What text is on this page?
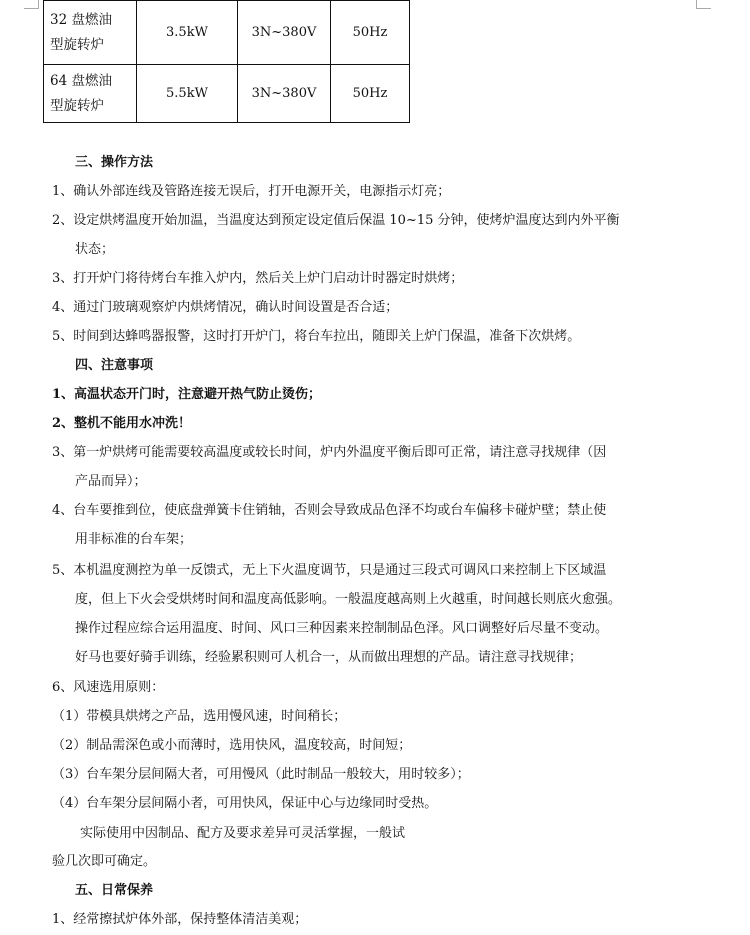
32 盘燃油
型旋转炉	3.5kW	3N~380V	50Hz
64 盘燃油
型旋转炉	5.5kW	3N~380V	50Hz
三、操作方法
1、确认外部连线及管路连接无误后，打开电源开关，电源指示灯亮；
2、设定烘烤温度开始加温，当温度达到预定设定值后保温 10~15 分钟，使烤炉温度达到内外平衡
状态；
3、打开炉门将待烤台车推入炉内，然后关上炉门启动计时器定时烘烤；
4、通过门玻璃观察炉内烘烤情况，确认时间设置是否合适；
5、时间到达蜂鸣器报警，这时打开炉门，将台车拉出，随即关上炉门保温，准备下次烘烤。
四、注意事项
1、高温状态开门时，注意避开热气防止烫伤；
2、整机不能用水冲洗！
3、第一炉烘烤可能需要较高温度或较长时间，炉内外温度平衡后即可正常，请注意寻找规律（因
产品而异）；
4、台车要推到位，使底盘弹簧卡住销轴，否则会导致成品色泽不均或台车偏移卡碰炉壁；禁止使
用非标准的台车架；
5、本机温度测控为单一反馈式，无上下火温度调节，只是通过三段式可调风口来控制上下区域温
度，但上下火会受烘烤时间和温度高低影响。一般温度越高则上火越重，时间越长则底火愈强。
操作过程应综合运用温度、时间、风口三种因素来控制制品色泽。风口调整好后尽量不变动。
好马也要好骑手训练，经验累积则可人机合一，从而做出理想的产品。请注意寻找规律；
6、风速选用原则：
（1）带模具烘烤之产品，选用慢风速，时间稍长；
（2）制品需深色或小而薄时，选用快风，温度较高，时间短；
（3）台车架分层间隔大者，可用慢风（此时制品一般较大，用时较多）；
（4）台车架分层间隔小者，可用快风，保证中心与边缘同时受热。
实际使用中因制品、配方及要求差异可灵活掌握，一般试
验几次即可确定。
五、日常保养
1、经常擦拭炉体外部，保持整体清洁美观；
